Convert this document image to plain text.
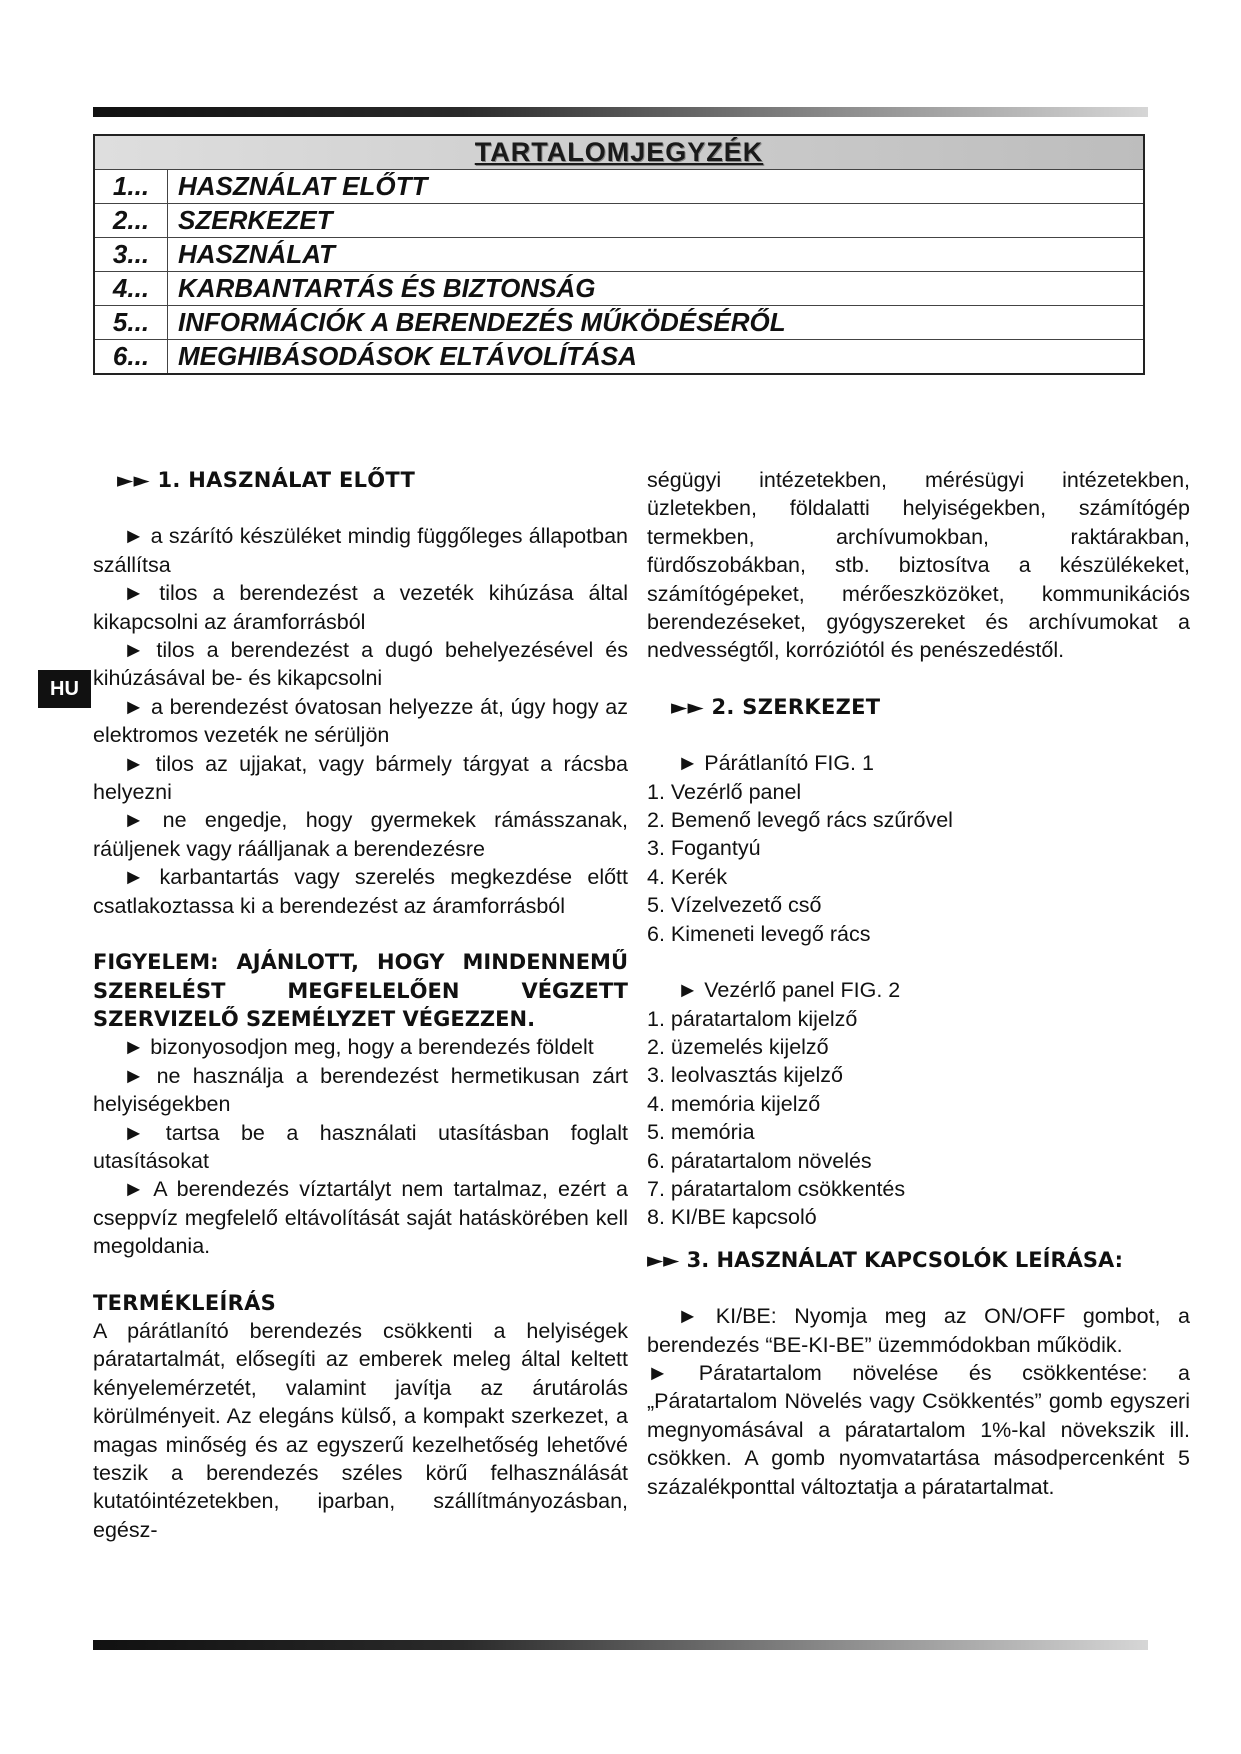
TARTALOMJEGYZÉK	
1...	HASZNÁLAT ELŐTT
2...	SZERKEZET
3...	HASZNÁLAT
4...	KARBANTARTÁS ÉS BIZTONSÁG
5...	INFORMÁCIÓK A BERENDEZÉS MŰKÖDÉSÉRŐL
6...	MEGHIBÁSODÁSOK ELTÁVOLÍTÁSA
HU

►► 1. HASZNÁLAT ELŐTT

► a szárító készüléket mindig függőleges állapotban szállítsa

► tilos a berendezést a vezeték kihúzása által kikapcsolni az áramforrásból

► tilos a berendezést a dugó behelyezésével és kihúzásával be- és kikapcsolni

► a berendezést óvatosan helyezze át, úgy hogy az elektromos vezeték ne sérüljön

► tilos az ujjakat, vagy bármely tárgyat a rácsba helyezni

► ne engedje, hogy gyermekek rámásszanak, ráüljenek vagy ráálljanak a berendezésre

► karbantartás vagy szerelés megkezdése előtt csatlakoztassa ki a berendezést az áramforrásból

FIGYELEM: AJÁNLOTT, HOGY MINDENNEMŰ SZERELÉST MEGFELELŐEN VÉGZETT SZERVIZELŐ SZEMÉLYZET VÉGEZZEN.

► bizonyosodjon meg, hogy a berendezés földelt

► ne használja a berendezést hermetikusan zárt helyiségekben

► tartsa be a használati utasításban foglalt utasításokat

► A berendezés víztartályt nem tartalmaz, ezért a cseppvíz megfelelő eltávolítását saját hatáskörében kell megoldania.

TERMÉKLEÍRÁS

A párátlanító berendezés csökkenti a helyiségek páratartalmát, elősegíti az emberek meleg által keltett kényelemérzetét, valamint javítja az árutárolás körülményeit. Az elegáns külső, a kompakt szerkezet, a magas minőség és az egyszerű kezelhetőség lehetővé teszik a berendezés széles körű felhasználását kutatóintézetekben, iparban, szállítmányozásban, egész-

ségügyi intézetekben, mérésügyi intézetekben, üzletekben, földalatti helyiségekben, számítógép termekben, archívumokban, raktárakban, fürdőszobákban, stb. biztosítva a készülékeket, számítógépeket, mérőeszközöket, kommunikációs berendezéseket, gyógyszereket és archívumokat a nedvességtől, korróziótól és penészedéstől.

►► 2. SZERKEZET

► Párátlanító FIG. 1

1. Vezérlő panel

2. Bemenő levegő rács szűrővel

3. Fogantyú

4. Kerék

5. Vízelvezető cső

6. Kimeneti levegő rács

► Vezérlő panel FIG. 2

1. páratartalom kijelző

2. üzemelés kijelző

3. leolvasztás kijelző

4. memória kijelző

5. memória

6. páratartalom növelés

7. páratartalom csökkentés

8. KI/BE kapcsoló

►► 3. HASZNÁLAT KAPCSOLÓK LEÍRÁSA:

► KI/BE: Nyomja meg az ON/OFF gombot, a berendezés “BE-KI-BE” üzemmódokban működik.

► Páratartalom növelése és csökkentése: a „Páratartalom Növelés vagy Csökkentés” gomb egyszeri megnyomásával a páratartalom 1%-kal növekszik ill. csökken. A gomb nyomvatartása másodpercenként 5 százalékponttal változtatja a páratartalmat.
